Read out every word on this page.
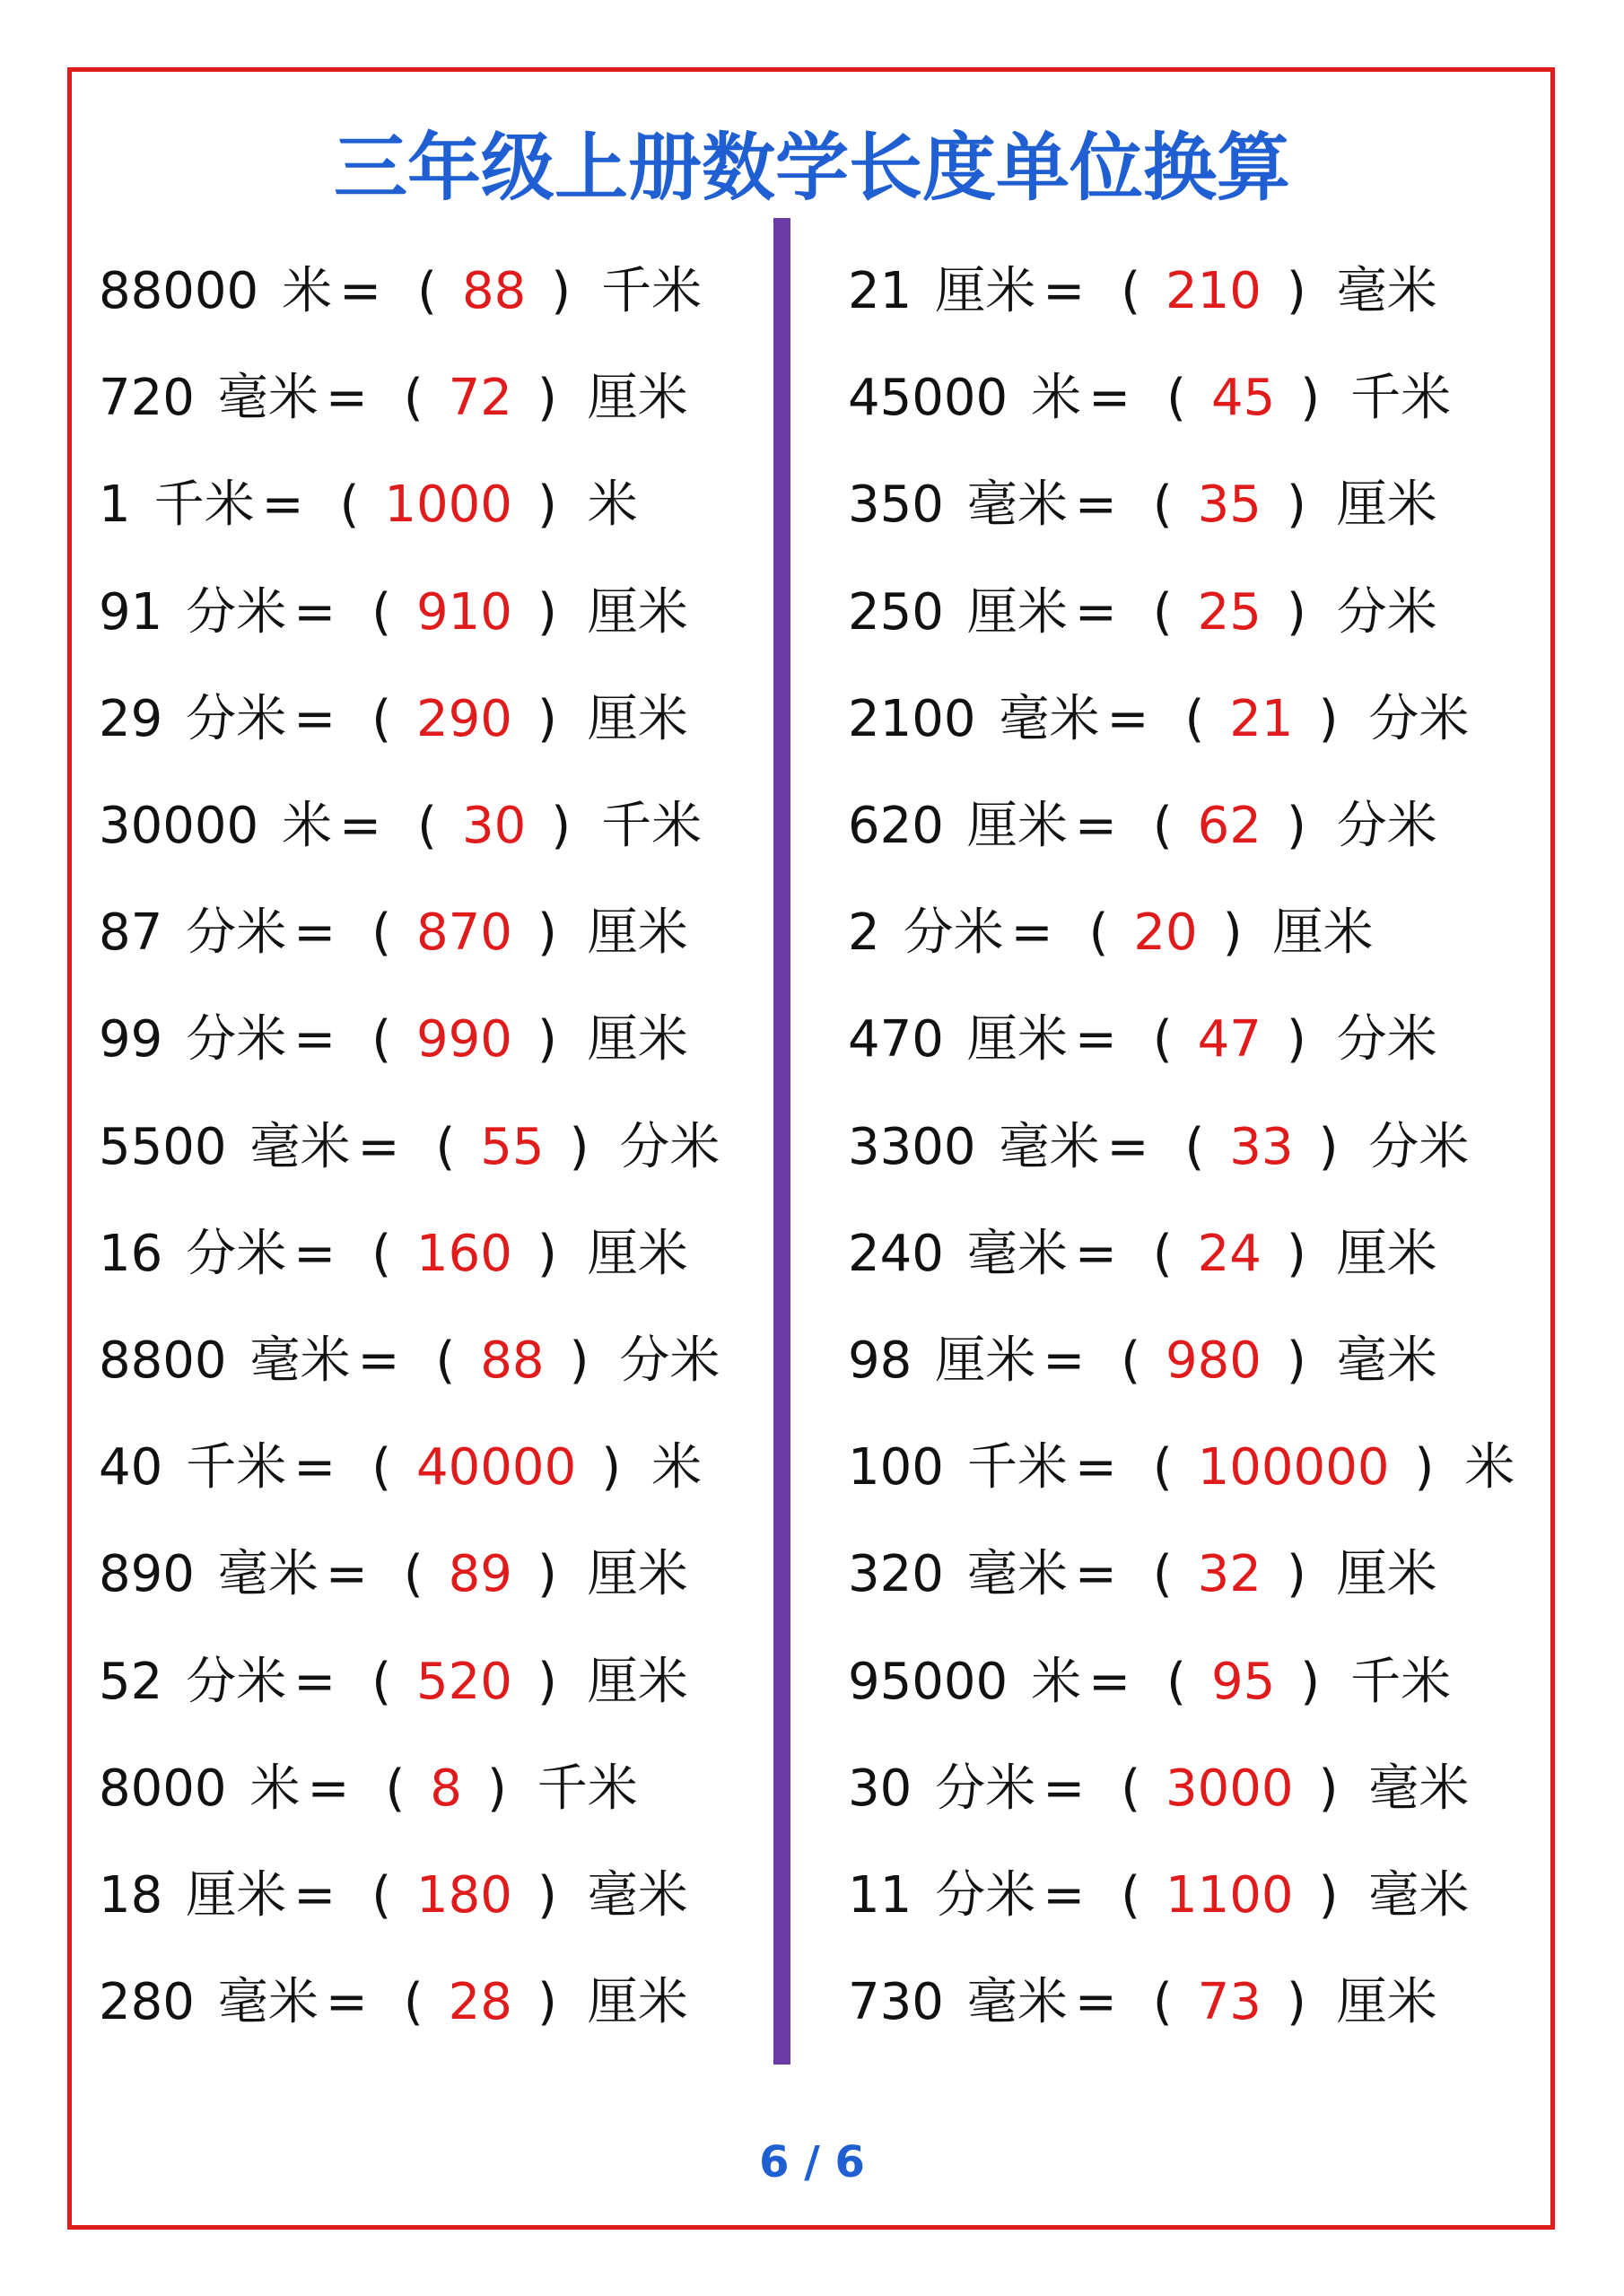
三年级上册数学长度单位换算
88000 米 = ( 88 ) 千米
720 毫米 = ( 72 ) 厘米
1 千米 = ( 1000 ) 米
91 分米 = ( 910 ) 厘米
29 分米 = ( 290 ) 厘米
30000 米 = ( 30 ) 千米
87 分米 = ( 870 ) 厘米
99 分米 = ( 990 ) 厘米
5500 毫米 = ( 55 ) 分米
16 分米 = ( 160 ) 厘米
8800 毫米 = ( 88 ) 分米
40 千米 = ( 40000 ) 米
890 毫米 = ( 89 ) 厘米
52 分米 = ( 520 ) 厘米
8000 米 = ( 8 ) 千米
18 厘米 = ( 180 ) 毫米
280 毫米 = ( 28 ) 厘米
21 厘米 = ( 210 ) 毫米
45000 米 = ( 45 ) 千米
350 毫米 = ( 35 ) 厘米
250 厘米 = ( 25 ) 分米
2100 毫米 = ( 21 ) 分米
620 厘米 = ( 62 ) 分米
2 分米 = ( 20 ) 厘米
470 厘米 = ( 47 ) 分米
3300 毫米 = ( 33 ) 分米
240 毫米 = ( 24 ) 厘米
98 厘米 = ( 980 ) 毫米
100 千米 = ( 100000 ) 米
320 毫米 = ( 32 ) 厘米
95000 米 = ( 95 ) 千米
30 分米 = ( 3000 ) 毫米
11 分米 = ( 1100 ) 毫米
730 毫米 = ( 73 ) 厘米
6 / 6
